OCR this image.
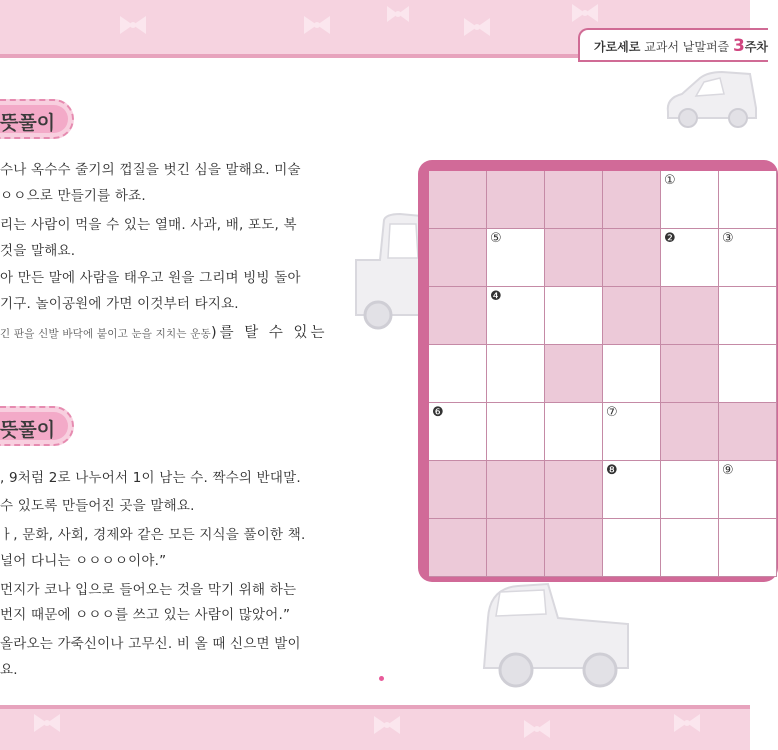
가로세로 교과서 낱말퍼즐 3주차
뜻풀이
수나 옥수수 줄기의 껍질을 벗긴 심을 말해요. 미술
ㅇㅇ으로 만들기를 하죠.
리는 사람이 먹을 수 있는 열매. 사과, 배, 포도, 복
것을 말해요.
아 만든 말에 사람을 태우고 원을 그리며 빙빙 돌아
기구. 놀이공원에 가면 이것부터 타지요.
긴 판을 신발 바닥에 붙이고 눈을 지치는 운동)를 탈 수 있는
뜻풀이
, 9처럼 2로 나누어서 1이 남는 수. 짝수의 반대말.
수 있도록 만들어진 곳을 말해요.
ㅏ, 문화, 사회, 경제와 같은 모든 지식을 풀이한 책.
널어 다니는 ㅇㅇㅇㅇ이야.”
먼지가 코나 입으로 들어오는 것을 막기 위해 하는
번지 때문에 ㅇㅇㅇ를 쓰고 있는 사람이 많았어.”
올라오는 가죽신이나 고무신. 비 올 때 신으면 발이
요.
①
⑤	❷	③
❹
❻	⑦
❽	⑨
